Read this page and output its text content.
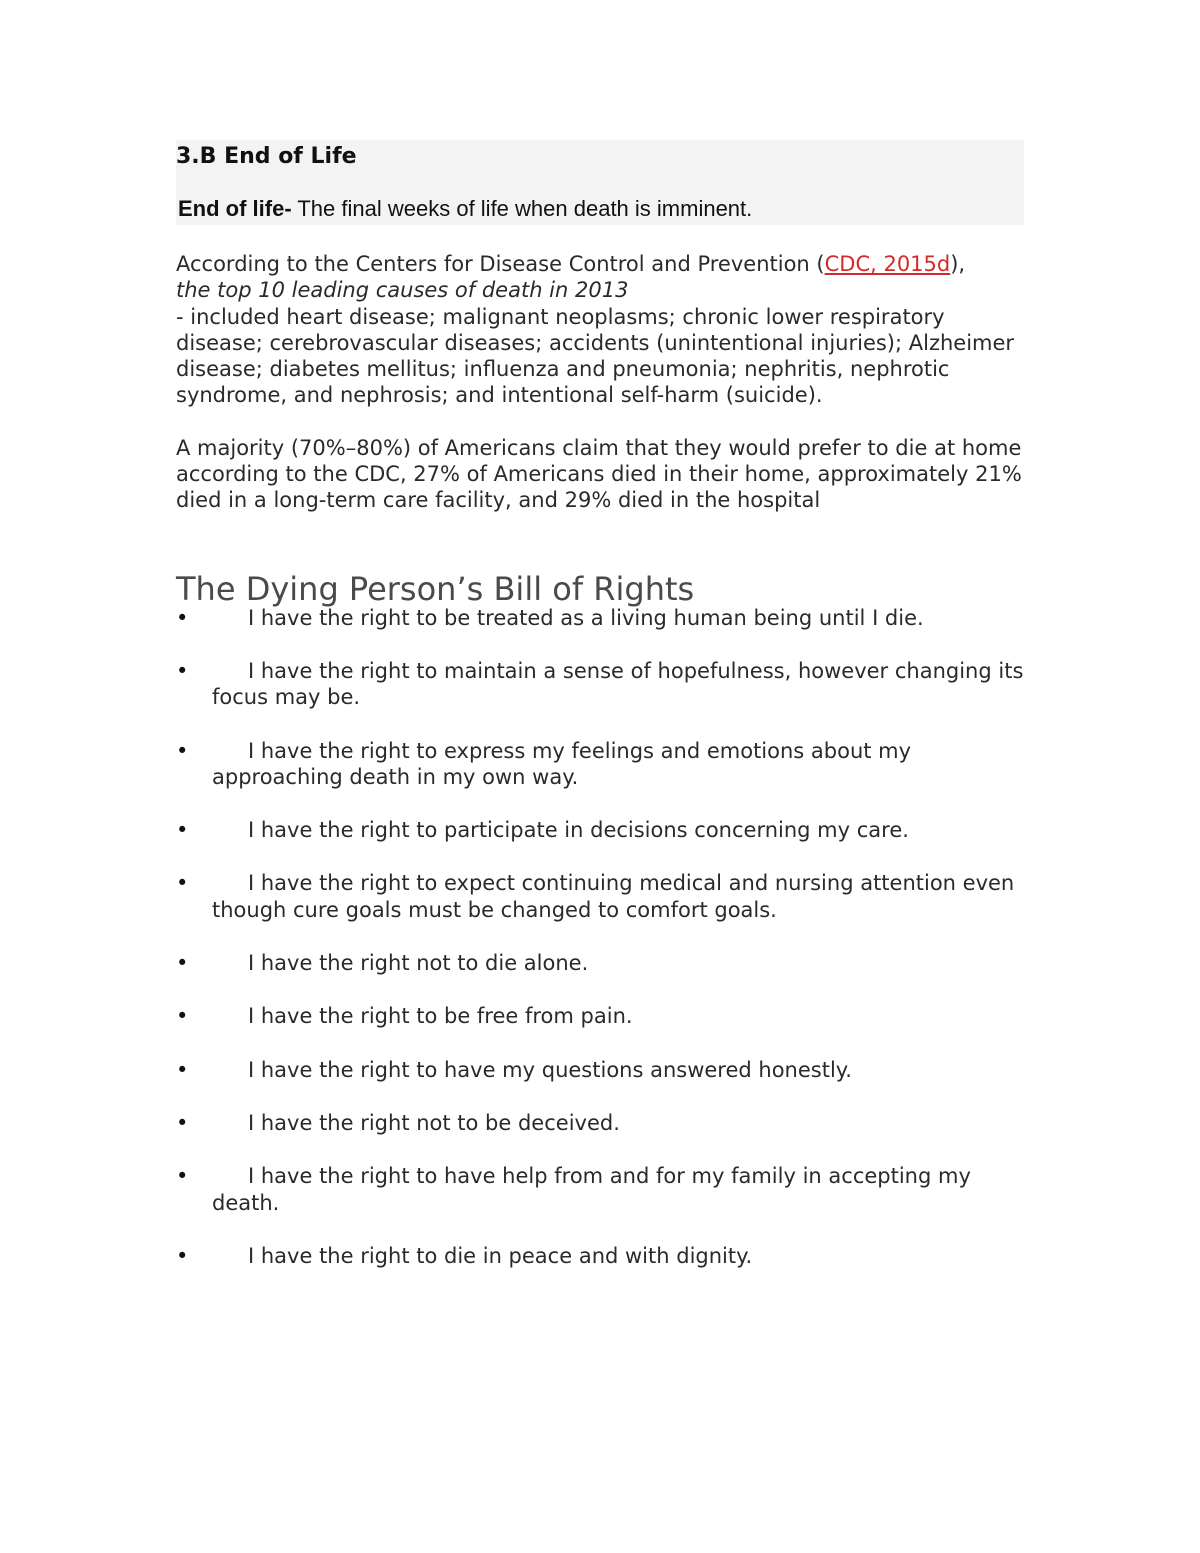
3.B End of Life
End of life- The final weeks of life when death is imminent.
According to the Centers for Disease Control and Prevention (CDC, 2015d),
the top 10 leading causes of death in 2013
- included heart disease; malignant neoplasms; chronic lower respiratory disease; cerebrovascular diseases; accidents (unintentional injuries); Alzheimer disease; diabetes mellitus; influenza and pneumonia; nephritis, nephrotic syndrome, and nephrosis; and intentional self-harm (suicide).
A majority (70%–80%) of Americans claim that they would prefer to die at home
according to the CDC, 27% of Americans died in their home, approximately 21% died in a long-term care facility, and 29% died in the hospital
The Dying Person’s Bill of Rights
•	I have the right to be treated as a living human being until I die.
•	I have the right to maintain a sense of hopefulness, however changing its focus may be.
•	I have the right to express my feelings and emotions about my approaching death in my own way.
•	I have the right to participate in decisions concerning my care.
•	I have the right to expect continuing medical and nursing attention even though cure goals must be changed to comfort goals.
•	I have the right not to die alone.
•	I have the right to be free from pain.
•	I have the right to have my questions answered honestly.
•	I have the right not to be deceived.
•	I have the right to have help from and for my family in accepting my death.
•	I have the right to die in peace and with dignity.
